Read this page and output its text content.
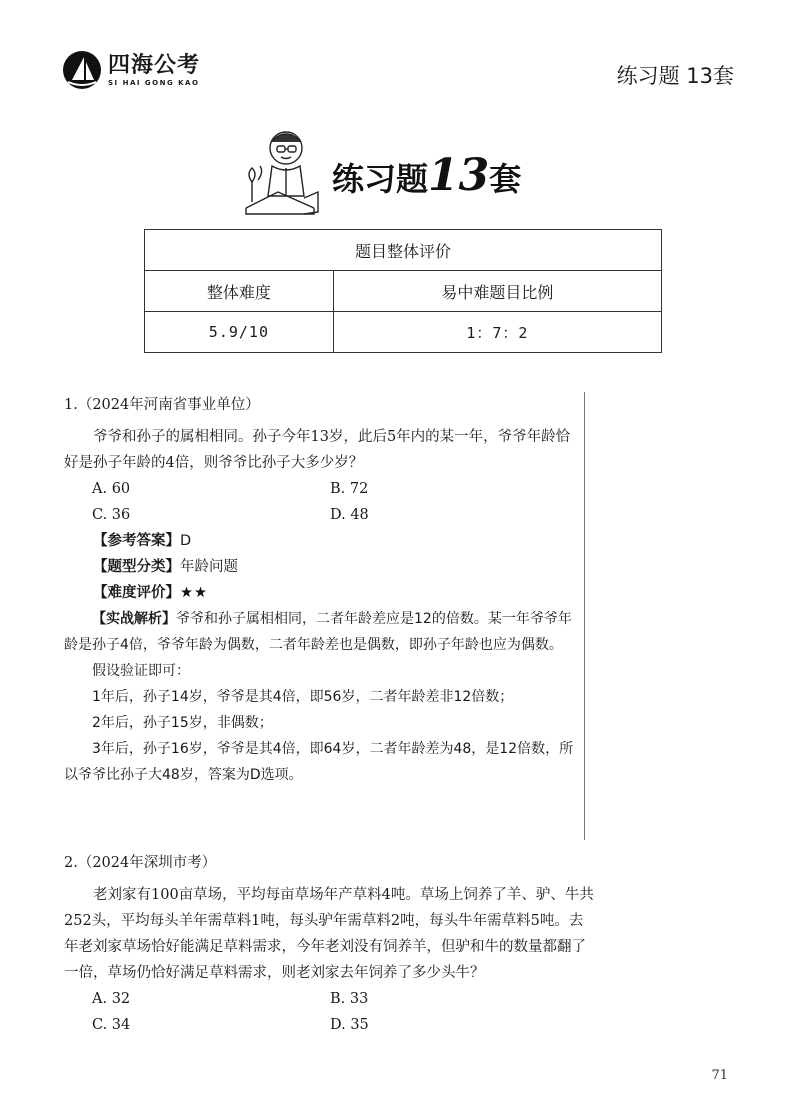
四海公考
SI HAI GONG KAO	练习题 13套
练习题13套
题目整体评价	
整体难度	易中难题目比例
5.9/10	1：7：2
1.（2024年河南省事业单位）

爷爷和孙子的属相相同。孙子今年13岁，此后5年内的某一年，爷爷年龄恰好是孙子年龄的4倍，则爷爷比孙子大多少岁？

A. 60	B. 72
C. 36	D. 48
【参考答案】D
【题型分类】年龄问题
【难度评价】★★

【实战解析】爷爷和孙子属相相同，二者年龄差应是12的倍数。某一年爷爷年龄是孙子4倍，爷爷年龄为偶数，二者年龄差也是偶数，即孙子年龄也应为偶数。

假设验证即可：

1年后，孙子14岁，爷爷是其4倍，即56岁，二者年龄差非12倍数；

2年后，孙子15岁，非偶数；

3年后，孙子16岁，爷爷是其4倍，即64岁，二者年龄差为48，是12倍数，所以爷爷比孙子大48岁，答案为D选项。

2.（2024年深圳市考）

老刘家有100亩草场，平均每亩草场年产草料4吨。草场上饲养了羊、驴、牛共252头，平均每头羊年需草料1吨，每头驴年需草料2吨，每头牛年需草料5吨。去年老刘家草场恰好能满足草料需求，今年老刘没有饲养羊，但驴和牛的数量都翻了一倍，草场仍恰好满足草料需求，则老刘家去年饲养了多少头牛？

A. 32	B. 33
C. 34	D. 35
71
